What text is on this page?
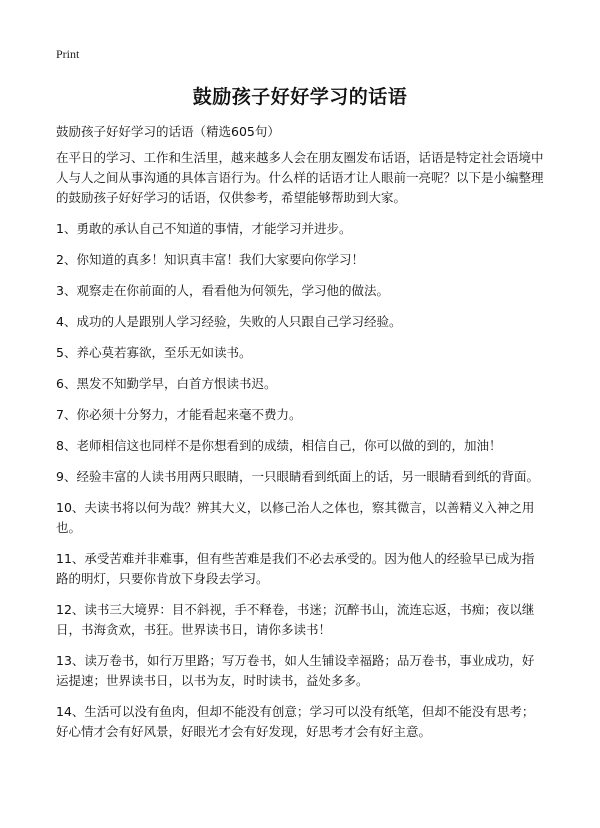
Print
鼓励孩子好好学习的话语

鼓励孩子好好学习的话语（精选605句）

在平日的学习、工作和生活里，越来越多人会在朋友圈发布话语，话语是特定社会语境中人与人之间从事沟通的具体言语行为。什么样的话语才让人眼前一亮呢？以下是小编整理的鼓励孩子好好学习的话语，仅供参考，希望能够帮助到大家。

1、勇敢的承认自己不知道的事情，才能学习并进步。
2、你知道的真多！知识真丰富！我们大家要向你学习！
3、观察走在你前面的人，看看他为何领先，学习他的做法。
4、成功的人是跟别人学习经验，失败的人只跟自己学习经验。
5、养心莫若寡欲，至乐无如读书。
6、黑发不知勤学早，白首方恨读书迟。
7、你必须十分努力，才能看起来毫不费力。
8、老师相信这也同样不是你想看到的成绩，相信自己，你可以做的到的，加油！
9、经验丰富的人读书用两只眼睛，一只眼睛看到纸面上的话，另一眼睛看到纸的背面。
10、夫读书将以何为哉？辨其大义，以修己治人之体也，察其微言，以善精义入神之用也。
11、承受苦难并非难事，但有些苦难是我们不必去承受的。因为他人的经验早已成为指路的明灯，只要你肯放下身段去学习。
12、读书三大境界：目不斜视，手不释卷，书迷；沉醉书山，流连忘返，书痴；夜以继日，书海贪欢，书狂。世界读书日，请你多读书！
13、读万卷书，如行万里路；写万卷书，如人生铺设幸福路；品万卷书，事业成功，好运提速；世界读书日，以书为友，时时读书，益处多多。
14、生活可以没有鱼肉，但却不能没有创意；学习可以没有纸笔，但却不能没有思考；好心情才会有好风景，好眼光才会有好发现，好思考才会有好主意。
